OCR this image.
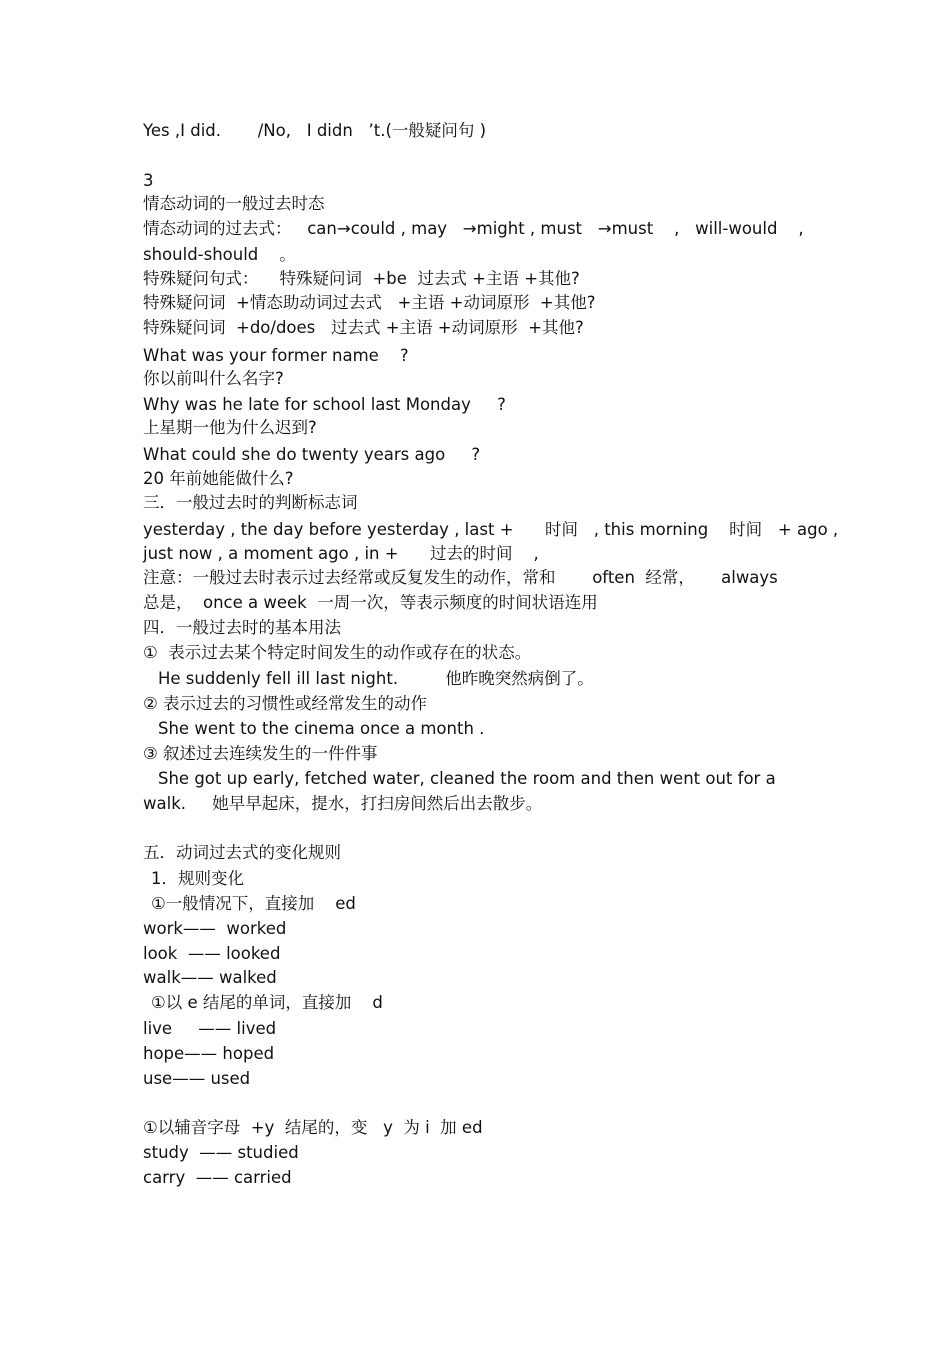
Yes ,I did.       /No,   I didn   ’t.(一般疑问句 )
3
情态动词的一般过去时态
情态动词的过去式：   can→could , may   →might , must   →must    ,   will-would    ,
should-should    。
特殊疑问句式：    特殊疑问词  +be  过去式 +主语 +其他?
特殊疑问词  +情态助动词过去式   +主语 +动词原形  +其他?
特殊疑问词  +do/does   过去式 +主语 +动词原形  +其他?
What was your former name    ?
你以前叫什么名字?
Why was he late for school last Monday     ?
上星期一他为什么迟到?
What could she do twenty years ago     ?
20 年前她能做什么?
三．一般过去时的判断标志词
yesterday , the day before yesterday , last +      时间   , this morning    时间   + ago ,
just now , a moment ago , in +      过去的时间    ,
注意：一般过去时表示过去经常或反复发生的动作，常和       often  经常，     always
总是，  once a week  一周一次，等表示频度的时间状语连用
四．一般过去时的基本用法
①  表示过去某个特定时间发生的动作或存在的状态。
He suddenly fell ill last night.         他昨晚突然病倒了。
② 表示过去的习惯性或经常发生的动作
She went to the cinema once a month .
③ 叙述过去连续发生的一件件事
She got up early, fetched water, cleaned the room and then went out for a
walk.     她早早起床，提水，打扫房间然后出去散步。
五．动词过去式的变化规则
1．规则变化
①一般情况下，直接加    ed
work——  worked
look  —— looked
walk—— walked
①以 e 结尾的单词，直接加    d
live     —— lived
hope—— hoped
use—— used
①以辅音字母  +y  结尾的，变   y  为 i  加 ed
study  —— studied
carry  —— carried
